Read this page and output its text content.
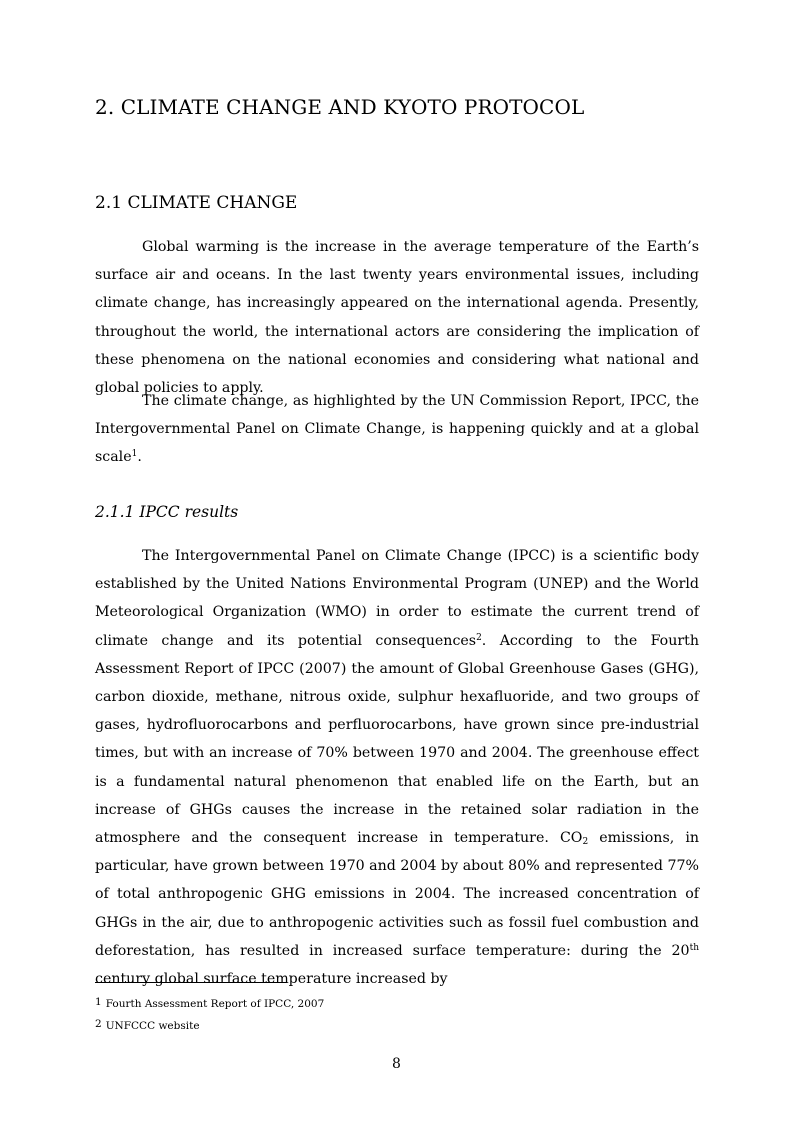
2. CLIMATE CHANGE AND KYOTO PROTOCOL
2.1 CLIMATE CHANGE

Global warming is the increase in the average temperature of the Earth’s surface air and oceans. In the last twenty years environmental issues, including climate change, has increasingly appeared on the international agenda. Presently, throughout the world, the international actors are considering the implication of these phenomena on the national economies and considering what national and global policies to apply.

The climate change, as highlighted by the UN Commission Report, IPCC, the Intergovernmental Panel on Climate Change, is happening quickly and at a global scale$^1$.

2.1.1 IPCC results

The Intergovernmental Panel on Climate Change (IPCC) is a scientific body established by the United Nations Environmental Program (UNEP) and the World Meteorological Organization (WMO) in order to estimate the current trend of climate change and its potential consequences$^2$. According to the Fourth Assessment Report of IPCC (2007) the amount of Global Greenhouse Gases (GHG), carbon dioxide, methane, nitrous oxide, sulphur hexafluoride, and two groups of gases, hydrofluorocarbons and perfluorocarbons, have grown since pre-industrial times, but with an increase of 70% between 1970 and 2004. The greenhouse effect is a fundamental natural phenomenon that enabled life on the Earth, but an increase of GHGs causes the increase in the retained solar radiation in the atmosphere and the consequent increase in temperature. $CO_2$ emissions, in particular, have grown between 1970 and 2004 by about 80% and represented 77% of total anthropogenic GHG emissions in 2004. The increased concentration of GHGs in the air, due to anthropogenic activities such as fossil fuel combustion and deforestation, has resulted in increased surface temperature: during the 20th century global surface temperature increased by

1 Fourth Assessment Report of IPCC, 2007
2 UNFCCC website
8
